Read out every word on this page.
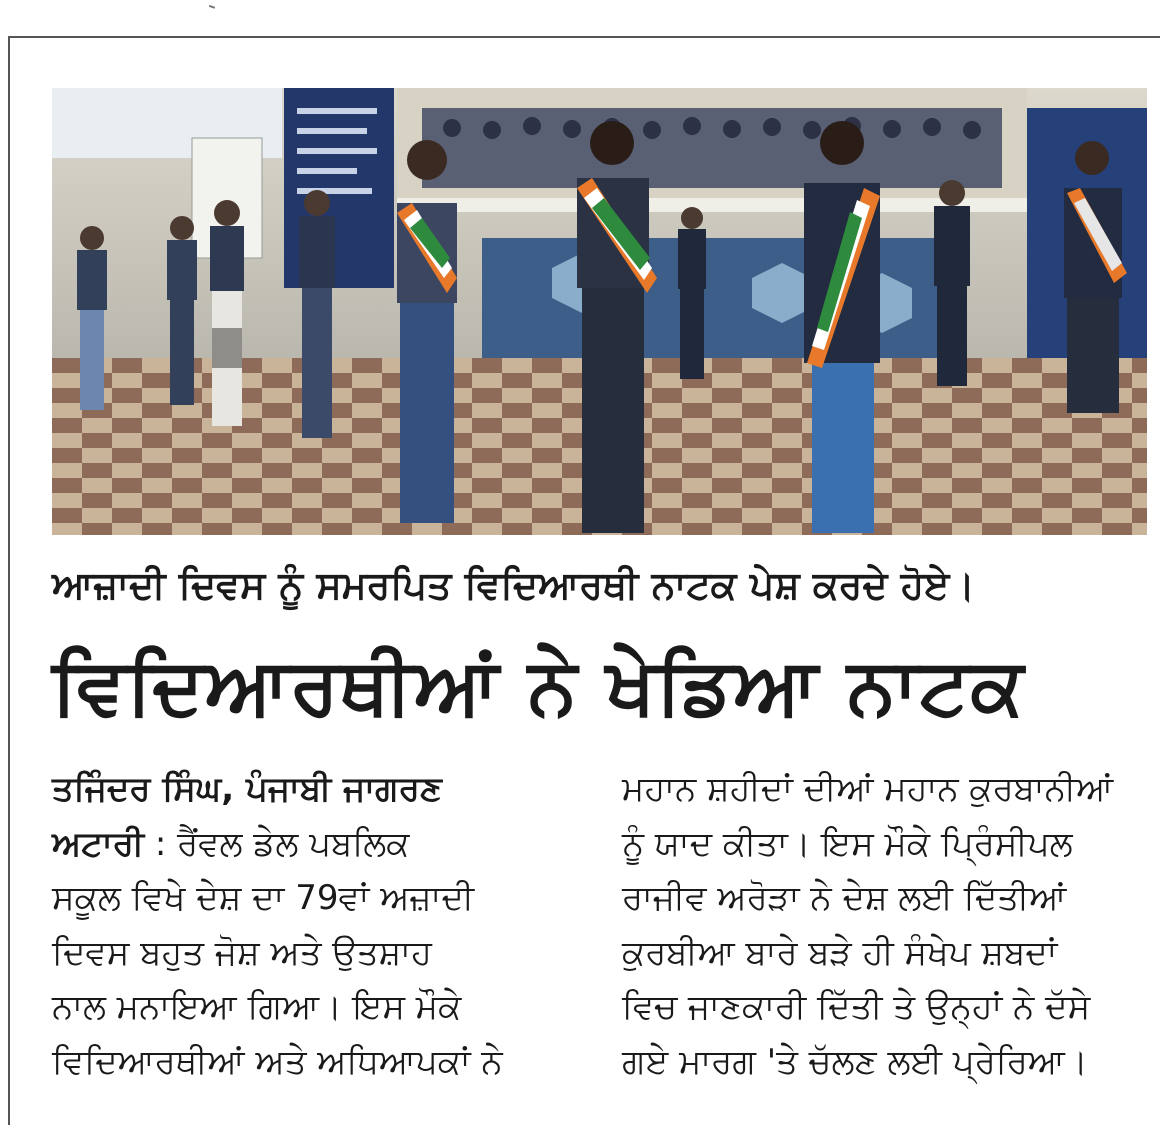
ਆਜ਼ਾਦੀ ਦਿਵਸ ਨੂੰ ਸਮਰਪਿਤ ਵਿਦਿਆਰਥੀ ਨਾਟਕ ਪੇਸ਼ ਕਰਦੇ ਹੋਏ।
ਵਿਦਿਆਰਥੀਆਂ ਨੇ ਖੇਡਿਆ ਨਾਟਕ
ਤਜਿੰਦਰ ਸਿੰਘ, ਪੰਜਾਬੀ ਜਾਗਰਣ
ਅਟਾਰੀ : ਰੈਂਵਲ ਡੇਲ ਪਬਲਿਕ
ਸਕੂਲ ਵਿਖੇ ਦੇਸ਼ ਦਾ 79ਵਾਂ ਅਜ਼ਾਦੀ
ਦਿਵਸ ਬਹੁਤ ਜੋਸ਼ ਅਤੇ ਉਤਸ਼ਾਹ
ਨਾਲ ਮਨਾਇਆ ਗਿਆ। ਇਸ ਮੌਕੇ
ਵਿਦਿਆਰਥੀਆਂ ਅਤੇ ਅਧਿਆਪਕਾਂ ਨੇ
ਮਹਾਨ ਸ਼ਹੀਦਾਂ ਦੀਆਂ ਮਹਾਨ ਕੁਰਬਾਨੀਆਂ
ਨੂੰ ਯਾਦ ਕੀਤਾ। ਇਸ ਮੌਕੇ ਪ੍ਰਿੰਸੀਪਲ
ਰਾਜੀਵ ਅਰੋੜਾ ਨੇ ਦੇਸ਼ ਲਈ ਦਿੱਤੀਆਂ
ਕੁਰਬੀਆ ਬਾਰੇ ਬੜੇ ਹੀ ਸੰਖੇਪ ਸ਼ਬਦਾਂ
ਵਿਚ ਜਾਣਕਾਰੀ ਦਿੱਤੀ ਤੇ ਉਨ੍ਹਾਂ ਨੇ ਦੱਸੇ
ਗਏ ਮਾਰਗ 'ਤੇ ਚੱਲਣ ਲਈ ਪ੍ਰੇਰਿਆ।
